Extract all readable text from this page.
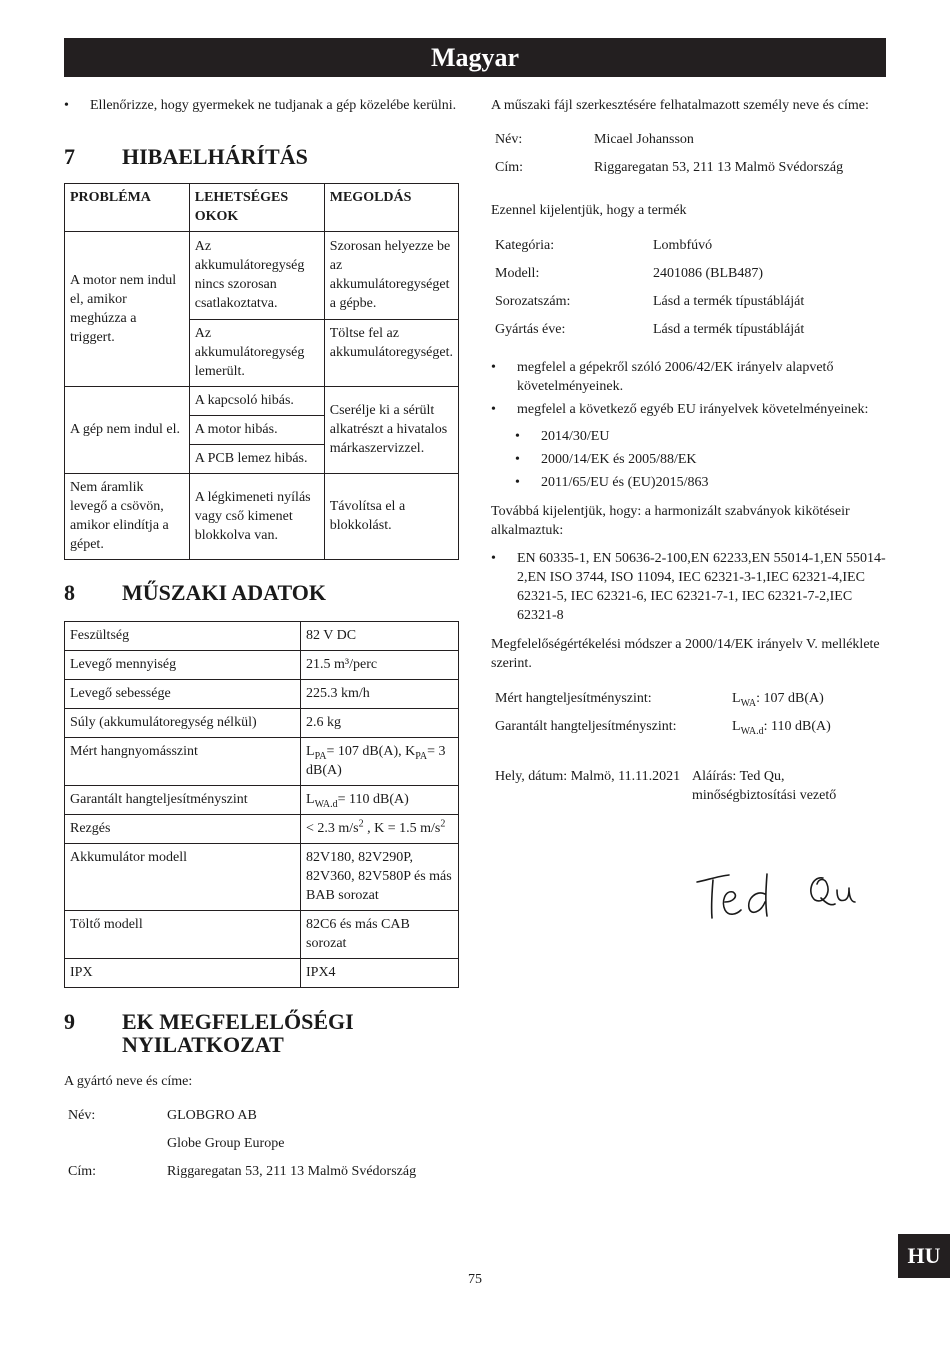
Magyar

• Ellenőrizze, hogy gyermekek ne tudjanak a gép közelébe kerülni.

7	HIBAELHÁRÍTÁS
PROBLÉMA	LEHETSÉGES OKOK	MEGOLDÁS
A motor nem indul el, amikor meghúzza a triggert.	Az akkumulátoregység nincs szorosan csatlakoztatva.	Szorosan helyezze be az akkumulátoregységet a gépbe.
	Az akkumulátoregység lemerült.	Töltse fel az akkumulátoregységet.
A gép nem indul el.	A kapcsoló hibás.	Cserélje ki a sérült alkatrészt a hivatalos márkaszervizzel.
	A motor hibás.	
	A PCB lemez hibás.	
Nem áramlik levegő a csövön, amikor elindítja a gépet.	A légkimeneti nyílás vagy cső kimenet blokkolva van.	Távolítsa el a blokkolást.
8	MŰSZAKI ADATOK
Feszültség	82 V DC
Levegő mennyiség	21.5 m³/perc
Levegő sebessége	225.3 km/h
Súly (akkumulátoregység nélkül)	2.6 kg
Mért hangnyomásszint	$L_{PA}= 107$ dB(A), $K_{PA}= 3$ dB(A)
Garantált hangteljesítményszint	$L_{WA.d}= 110$ dB(A)
Rezgés	< 2.3 $m/s^2$ , K = 1.5 $m/s^2$
Akkumulátor modell	82V180, 82V290P, 82V360, 82V580P és más BAB sorozat
Töltő modell	82C6 és más CAB sorozat
IPX	IPX4
9	EK MEGFELELŐSÉGI
NYILATKOZAT

A gyártó neve és címe:

Név:	GLOBGRO AB
Globe Group Europe
Cím:	Riggaregatan 53, 211 13 Malmö Svédország

A műszaki fájl szerkesztésére felhatalmazott személy neve és címe:

Név:	Micael Johansson
Cím:	Riggaregatan 53, 211 13 Malmö Svédország

Ezennel kijelentjük, hogy a termék

Kategória:	Lombfúvó
Modell:	2401086 (BLB487)
Sorozatszám:	Lásd a termék típustábláját
Gyártás éve:	Lásd a termék típustábláját

• megfelel a gépekről szóló 2006/42/EK irányelv alapvető követelményeinek.

• megfelel a következő egyéb EU irányelvek követelményeinek:

• 2014/30/EU

• 2000/14/EK és 2005/88/EK

• 2011/65/EU és (EU)2015/863

Továbbá kijelentjük, hogy: a harmonizált szabványok kikötéseir alkalmaztuk:

• EN 60335-1, EN 50636-2-100,EN 62233,EN 55014-1,EN 55014-2,EN ISO 3744, ISO 11094, IEC 62321-3-1,IEC 62321-4,IEC 62321-5, IEC 62321-6, IEC 62321-7-1, IEC 62321-7-2,IEC 62321-8

Megfelelőségértékelési módszer a 2000/14/EK irányelv V. melléklete szerint.

Mért hangteljesítményszint:	$L_{WA}$: 107 dB(A)
Garantált hangteljesítményszint:	$L_{WA.d}$: 110 dB(A)
Hely, dátum: Malmö, 11.11.2021 Aláírás: Ted Qu, minőségbiztosítási vezető
75
HU
